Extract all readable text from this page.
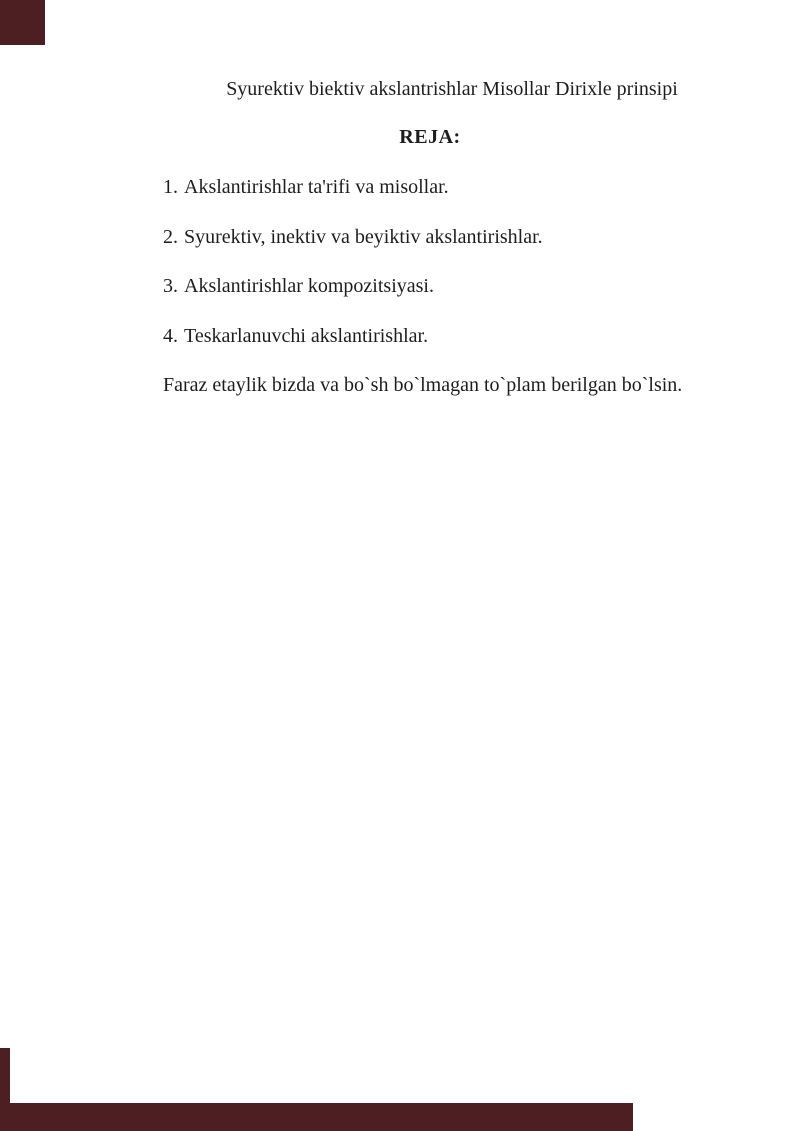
Syurektiv biektiv akslantrishlar Misollar Dirixle prinsipi
REJA:
1. Akslantirishlar ta'rifi va misollar.
2. Syurektiv, inektiv va beyiktiv akslantirishlar.
3. Akslantirishlar kompozitsiyasi.
4. Teskarlanuvchi akslantirishlar.
Faraz etaylik bizda va bo`sh bo`lmagan to`plam berilgan bo`lsin.
